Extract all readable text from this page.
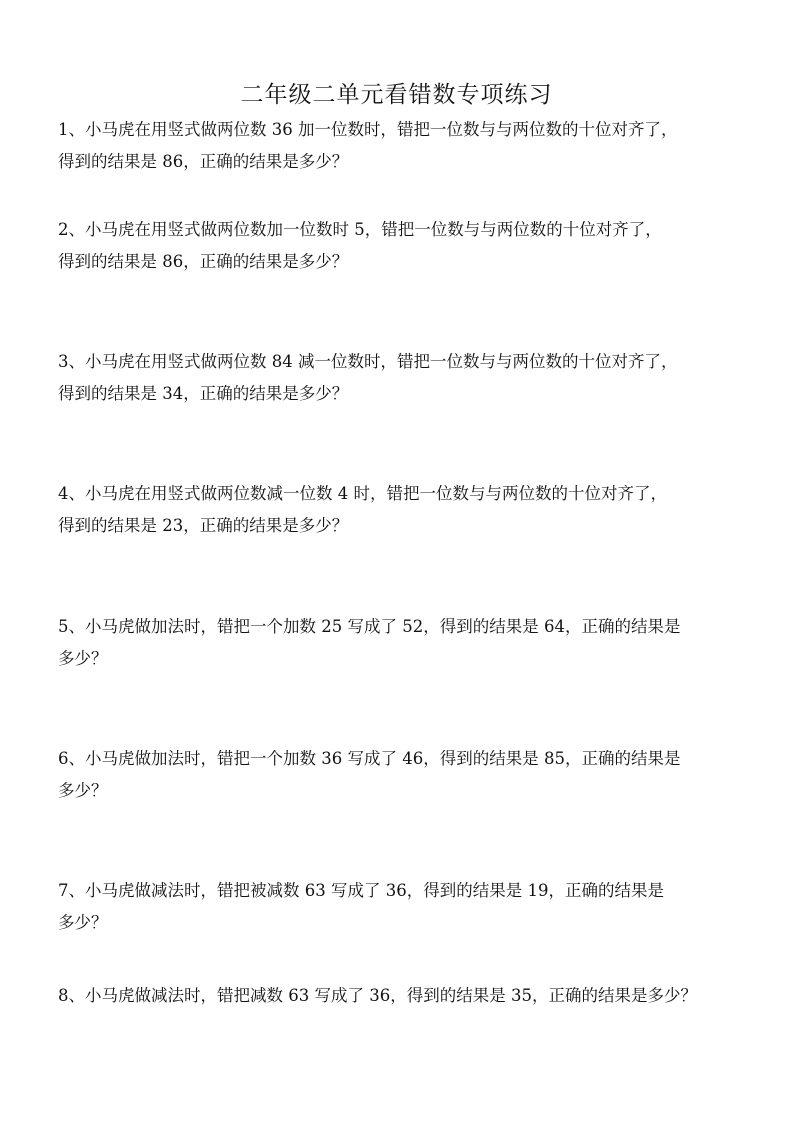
二年级二单元看错数专项练习
1、小马虎在用竖式做两位数 36 加一位数时，错把一位数与与两位数的十位对齐了，
得到的结果是 86，正确的结果是多少？
2、小马虎在用竖式做两位数加一位数时 5，错把一位数与与两位数的十位对齐了，
得到的结果是 86，正确的结果是多少？
3、小马虎在用竖式做两位数 84 减一位数时，错把一位数与与两位数的十位对齐了，
得到的结果是 34，正确的结果是多少？
4、小马虎在用竖式做两位数减一位数 4 时，错把一位数与与两位数的十位对齐了，
得到的结果是 23，正确的结果是多少？
5、小马虎做加法时，错把一个加数 25 写成了 52，得到的结果是 64，正确的结果是
多少？
6、小马虎做加法时，错把一个加数 36 写成了 46，得到的结果是 85，正确的结果是
多少？
7、小马虎做减法时，错把被减数 63 写成了 36，得到的结果是 19，正确的结果是
多少？
8、小马虎做减法时，错把减数 63 写成了 36，得到的结果是 35，正确的结果是多少？
